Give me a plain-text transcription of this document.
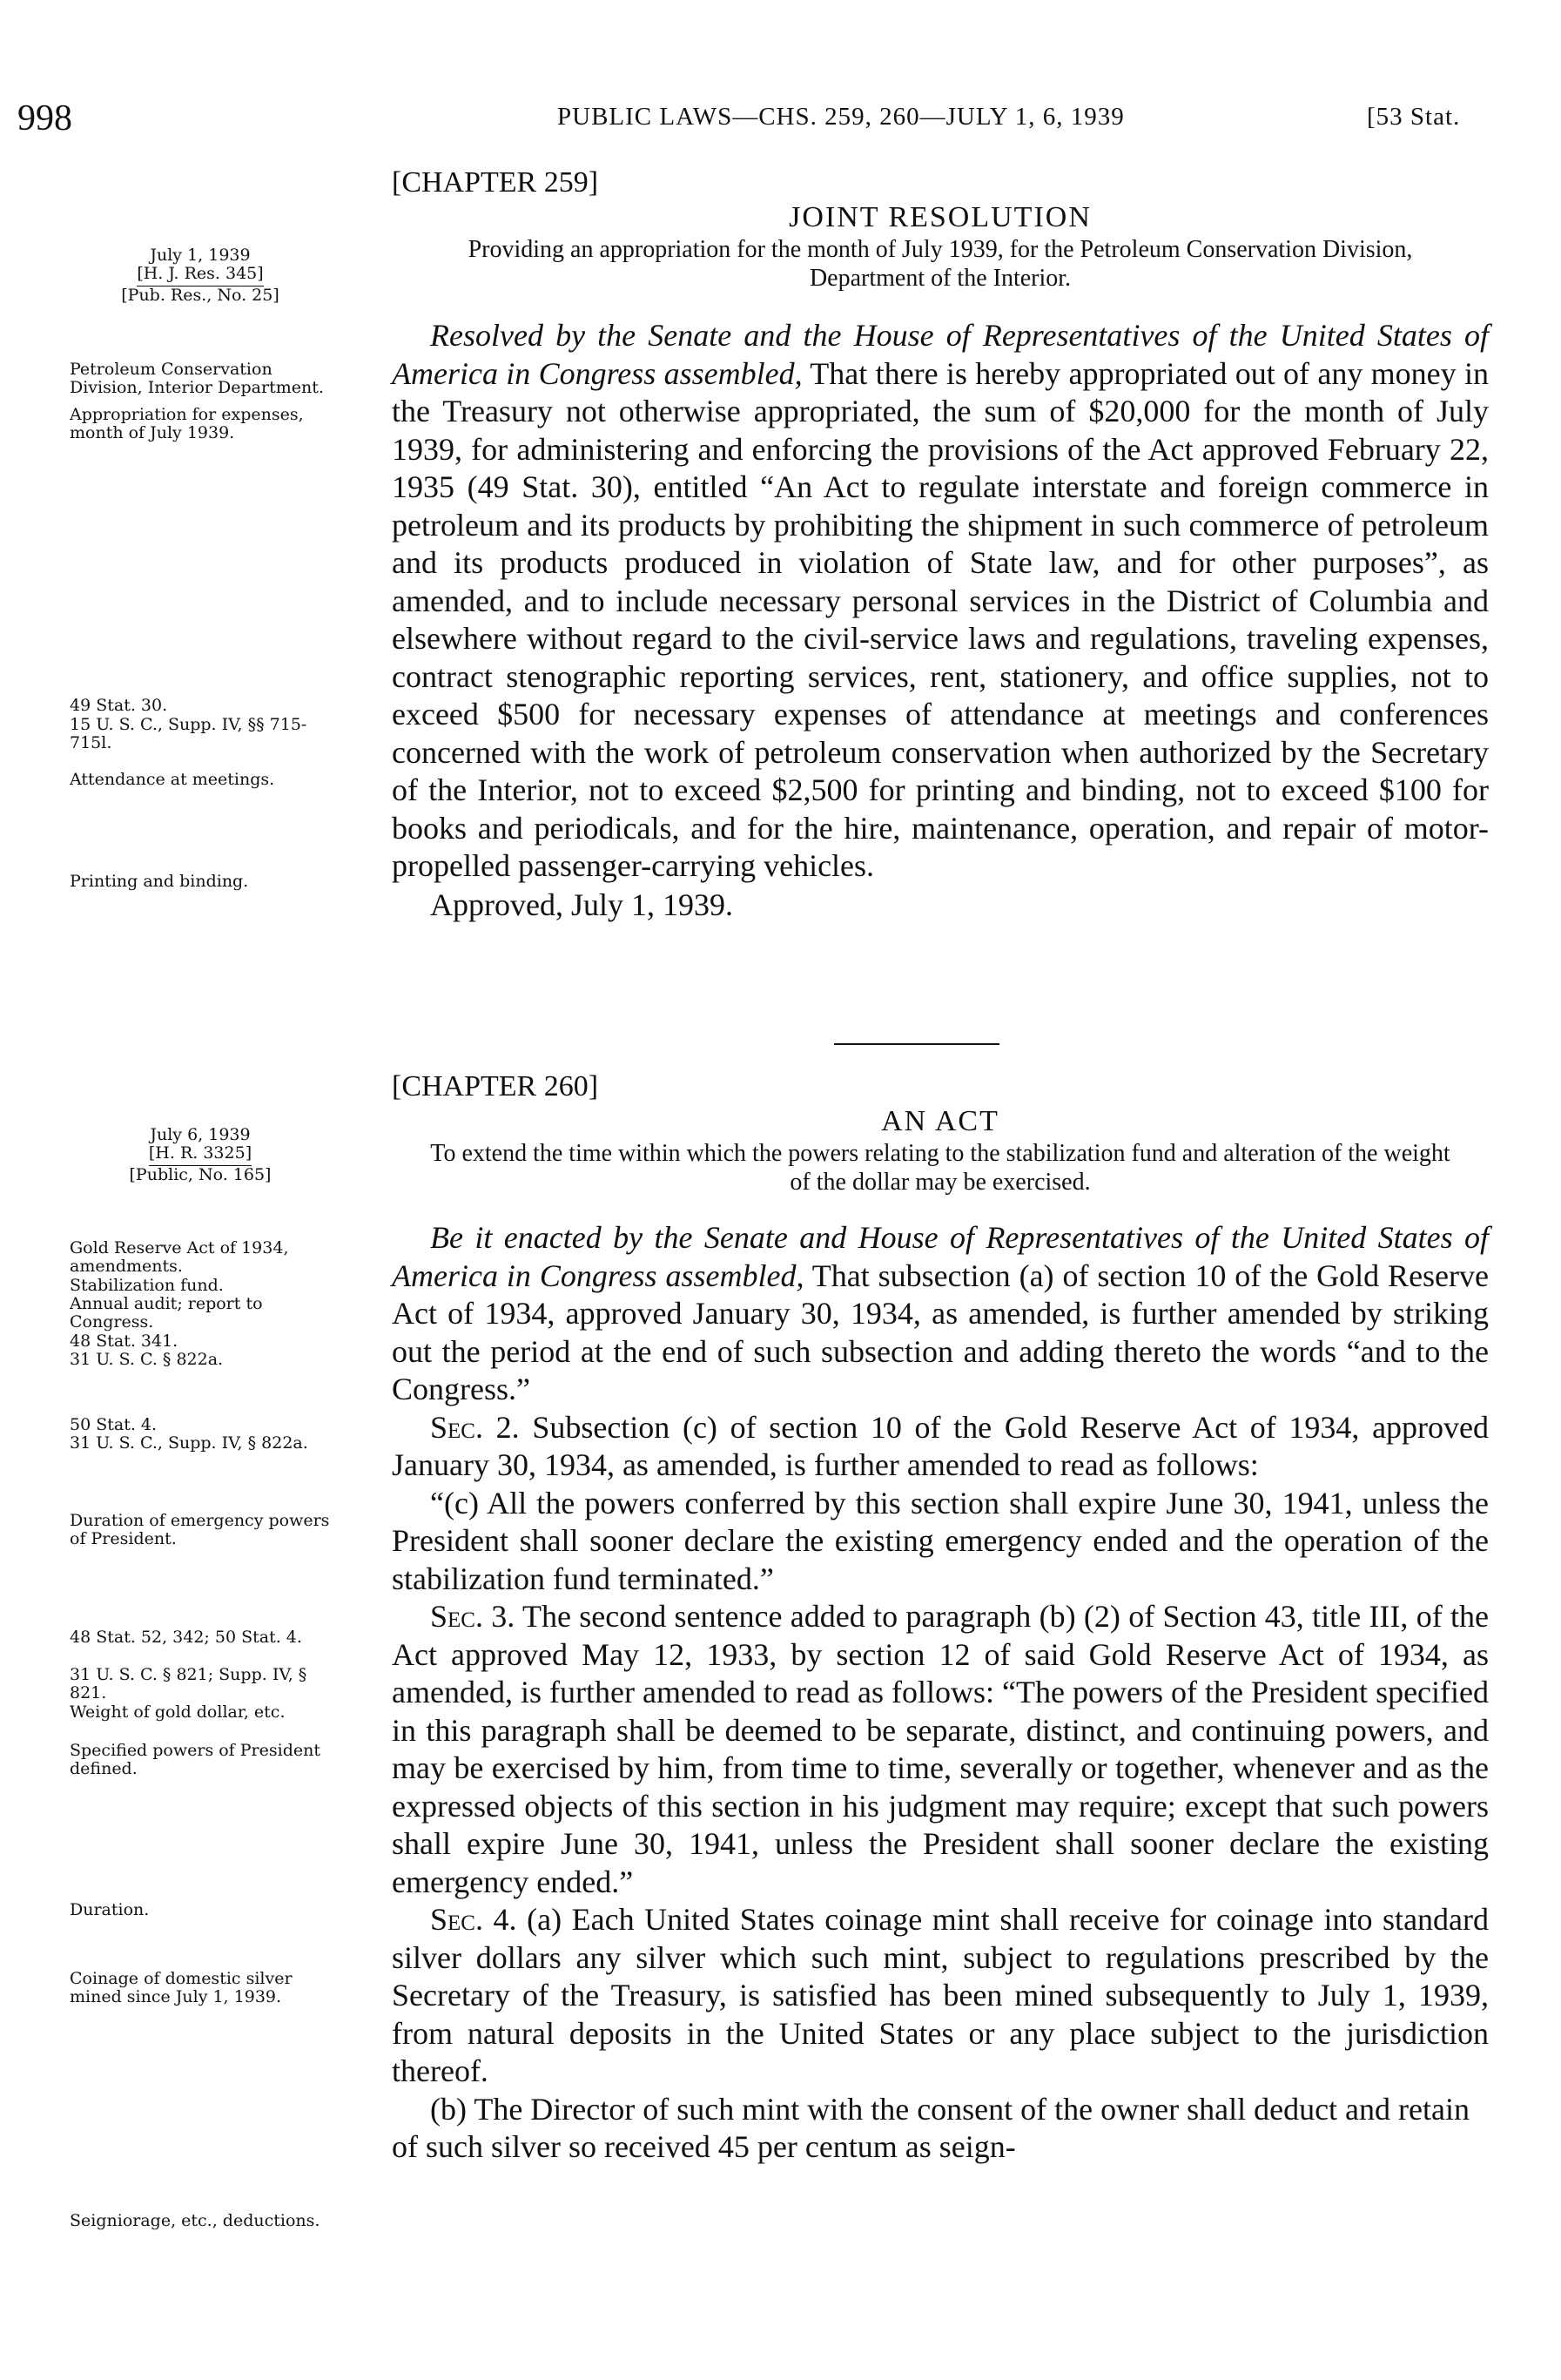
998	PUBLIC LAWS—CHS. 259, 260—JULY 1, 6, 1939	[53 Stat.
July 1, 1939
[H. J. Res. 345]
[Pub. Res., No. 25]
Petroleum Conservation Division, Interior Department.
Appropriation for expenses, month of July 1939.
49 Stat. 30.
15 U. S. C., Supp. IV, §§ 715-715l.
Attendance at meetings.
Printing and binding.
[CHAPTER 259]
JOINT RESOLUTION
Providing an appropriation for the month of July 1939, for the Petroleum Conservation Division, Department of the Interior.

Resolved by the Senate and the House of Representatives of the United States of America in Congress assembled, That there is hereby appropriated out of any money in the Treasury not otherwise appropriated, the sum of $20,000 for the month of July 1939, for administering and enforcing the provisions of the Act approved February 22, 1935 (49 Stat. 30), entitled “An Act to regulate interstate and foreign commerce in petroleum and its products by prohibiting the shipment in such commerce of petroleum and its products produced in violation of State law, and for other purposes”, as amended, and to include necessary personal services in the District of Columbia and elsewhere without regard to the civil-service laws and regulations, traveling expenses, contract stenographic reporting services, rent, stationery, and office supplies, not to exceed $500 for necessary expenses of attendance at meetings and conferences concerned with the work of petroleum conservation when authorized by the Secretary of the Interior, not to exceed $2,500 for printing and binding, not to exceed $100 for books and periodicals, and for the hire, maintenance, operation, and repair of motor-propelled passenger-carrying vehicles.

Approved, July 1, 1939.

July 6, 1939
[H. R. 3325]
[Public, No. 165]
Gold Reserve Act of 1934, amendments.
Stabilization fund.
Annual audit; report to Congress.
48 Stat. 341.
31 U. S. C. § 822a.
50 Stat. 4.
31 U. S. C., Supp. IV, § 822a.
Duration of emergency powers of President.
48 Stat. 52, 342; 50 Stat. 4.
31 U. S. C. § 821; Supp. IV, § 821.
Weight of gold dollar, etc.
Specified powers of President defined.
Duration.
Coinage of domestic silver mined since July 1, 1939.
Seigniorage, etc., deductions.
[CHAPTER 260]
AN ACT
To extend the time within which the powers relating to the stabilization fund and alteration of the weight of the dollar may be exercised.

Be it enacted by the Senate and House of Representatives of the United States of America in Congress assembled, That subsection (a) of section 10 of the Gold Reserve Act of 1934, approved January 30, 1934, as amended, is further amended by striking out the period at the end of such subsection and adding thereto the words “and to the Congress.”

Sec. 2. Subsection (c) of section 10 of the Gold Reserve Act of 1934, approved January 30, 1934, as amended, is further amended to read as follows:

“(c) All the powers conferred by this section shall expire June 30, 1941, unless the President shall sooner declare the existing emergency ended and the operation of the stabilization fund terminated.”

Sec. 3. The second sentence added to paragraph (b) (2) of Section 43, title III, of the Act approved May 12, 1933, by section 12 of said Gold Reserve Act of 1934, as amended, is further amended to read as follows: “The powers of the President specified in this paragraph shall be deemed to be separate, distinct, and continuing powers, and may be exercised by him, from time to time, severally or together, whenever and as the expressed objects of this section in his judgment may require; except that such powers shall expire June 30, 1941, unless the President shall sooner declare the existing emergency ended.”

Sec. 4. (a) Each United States coinage mint shall receive for coinage into standard silver dollars any silver which such mint, subject to regulations prescribed by the Secretary of the Treasury, is satisfied has been mined subsequently to July 1, 1939, from natural deposits in the United States or any place subject to the jurisdiction thereof.

(b) The Director of such mint with the consent of the owner shall deduct and retain of such silver so received 45 per centum as seign-
